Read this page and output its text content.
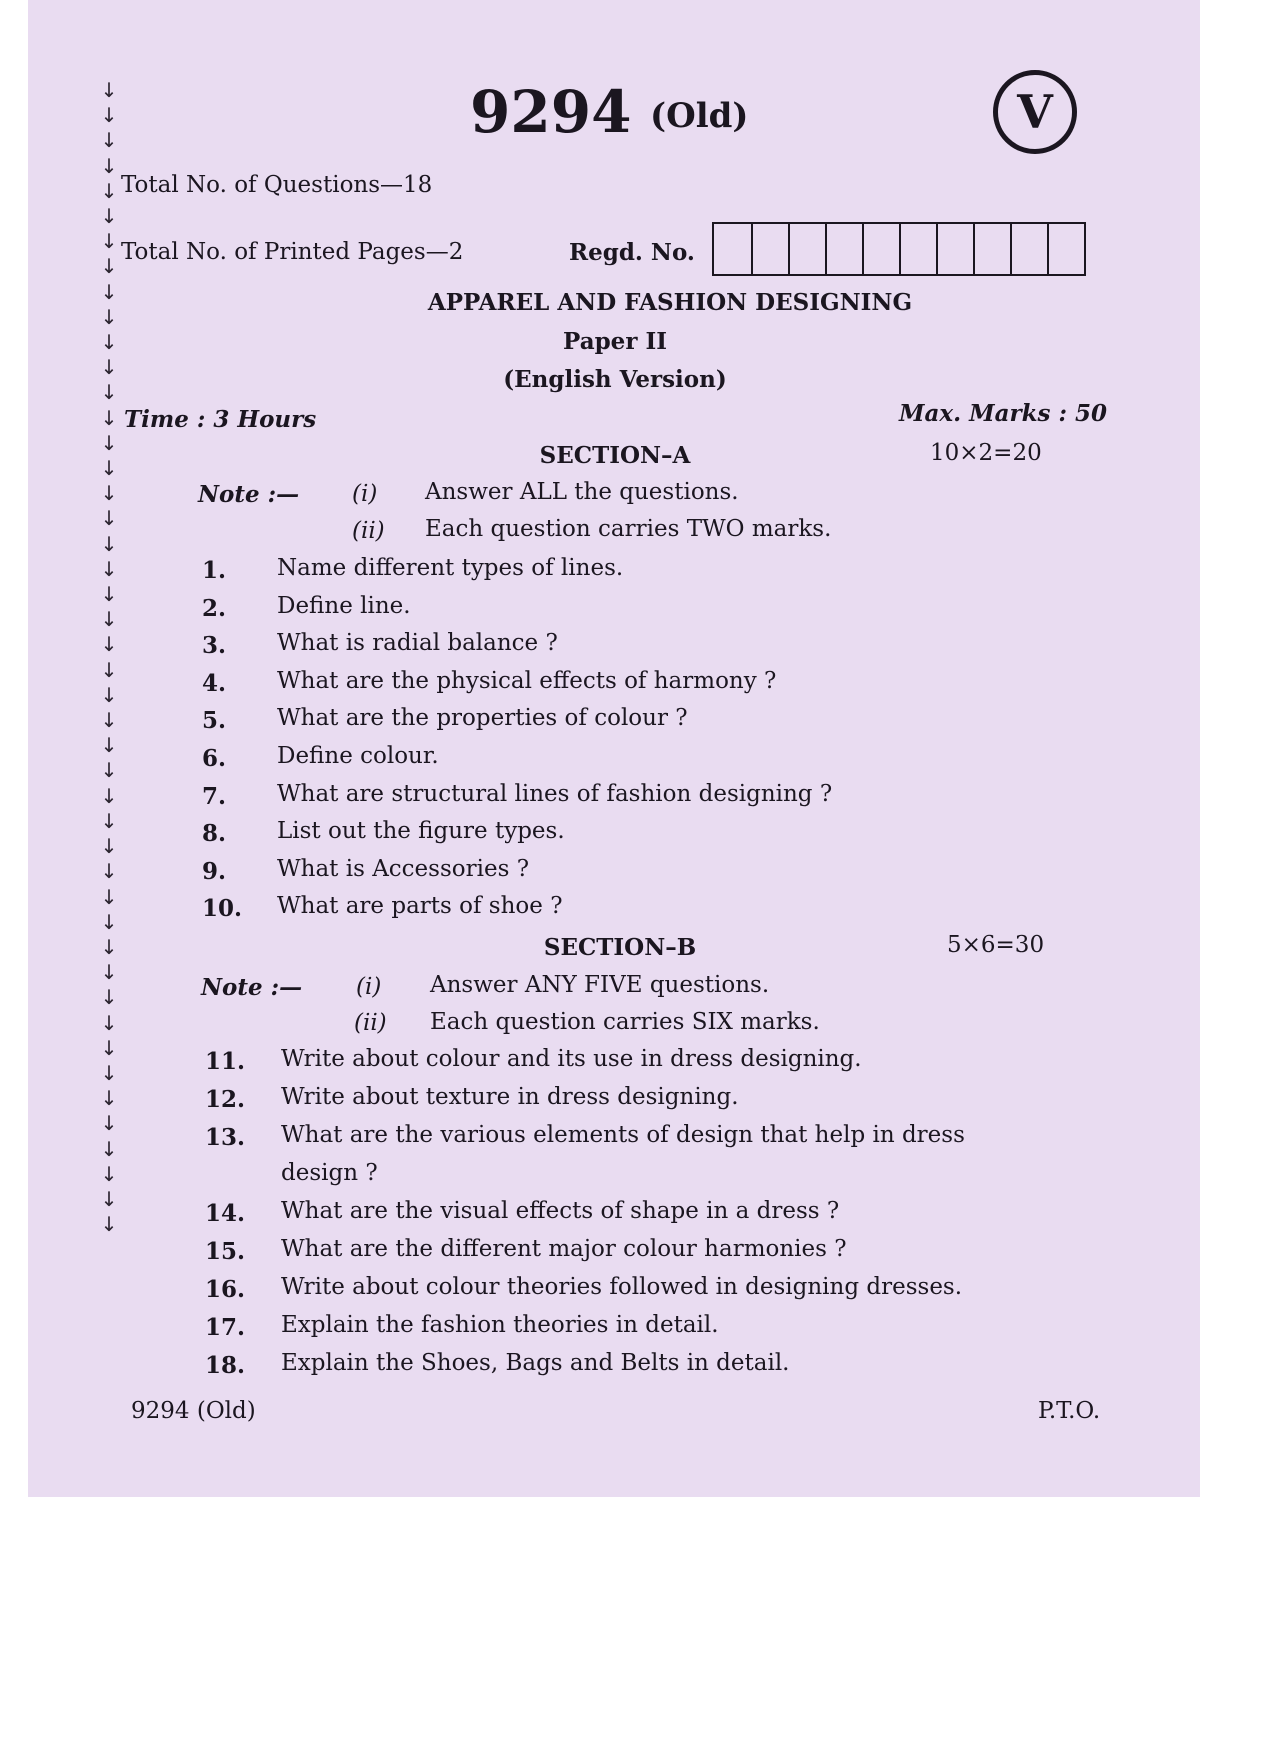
↓
↓
↓
↓
↓
↓
↓
↓
↓
↓
↓
↓
↓
↓
↓
↓
↓
↓
↓
↓
↓
↓
↓
↓
↓
↓
↓
↓
↓
↓
↓
↓
↓
↓
↓
↓
↓
↓
↓
↓
↓
↓
↓
↓
↓
↓
9294 (Old)	V
Total No. of Questions—18
Total No. of Printed Pages—2	Regd. No.
APPAREL AND FASHION DESIGNING
Paper II
(English Version)
Time : 3 Hours	Max. Marks : 50
SECTION–A	10×2=20
Note :— (i) Answer ALL the questions.
(ii) Each question carries TWO marks.
1. Name different types of lines.
2. Define line.
3. What is radial balance ?
4. What are the physical effects of harmony ?
5. What are the properties of colour ?
6. Define colour.
7. What are structural lines of fashion designing ?
8. List out the figure types.
9. What is Accessories ?
10. What are parts of shoe ?
SECTION–B	5×6=30
Note :— (i) Answer ANY FIVE questions.
(ii) Each question carries SIX marks.
11. Write about colour and its use in dress designing.
12. Write about texture in dress designing.
13. What are the various elements of design that help in dress
design ?
14. What are the visual effects of shape in a dress ?
15. What are the different major colour harmonies ?
16. Write about colour theories followed in designing dresses.
17. Explain the fashion theories in detail.
18. Explain the Shoes, Bags and Belts in detail.
9294 (Old)	P.T.O.
